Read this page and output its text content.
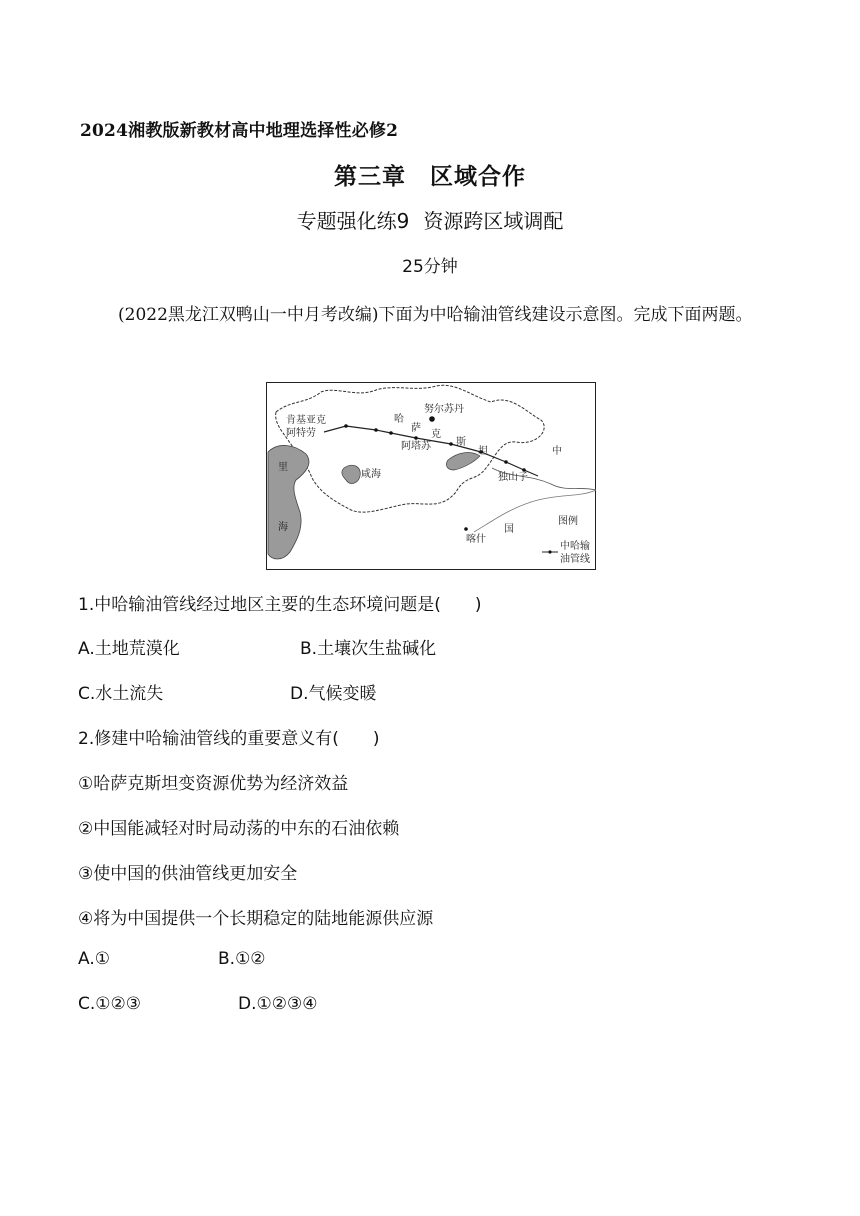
2024湘教版新教材高中地理选择性必修2
第三章 区域合作
专题强化练9 资源跨区域调配
25分钟
(2022黑龙江双鸭山一中月考改编)下面为中哈输油管线建设示意图。完成下面两题。
肯基亚克
阿特劳
努尔苏丹
哈
萨
克
斯
坦
阿塔苏
独山子
里
海
咸海
中
国
喀什
图例
中哈输
油管线
1.中哈输油管线经过地区主要的生态环境问题是(　　)
A.土地荒漠化	B.土壤次生盐碱化
C.水土流失	D.气候变暖
2.修建中哈输油管线的重要意义有(　　)
①哈萨克斯坦变资源优势为经济效益
②中国能减轻对时局动荡的中东的石油依赖
③使中国的供油管线更加安全
④将为中国提供一个长期稳定的陆地能源供应源
A.①	B.①②
C.①②③	D.①②③④
